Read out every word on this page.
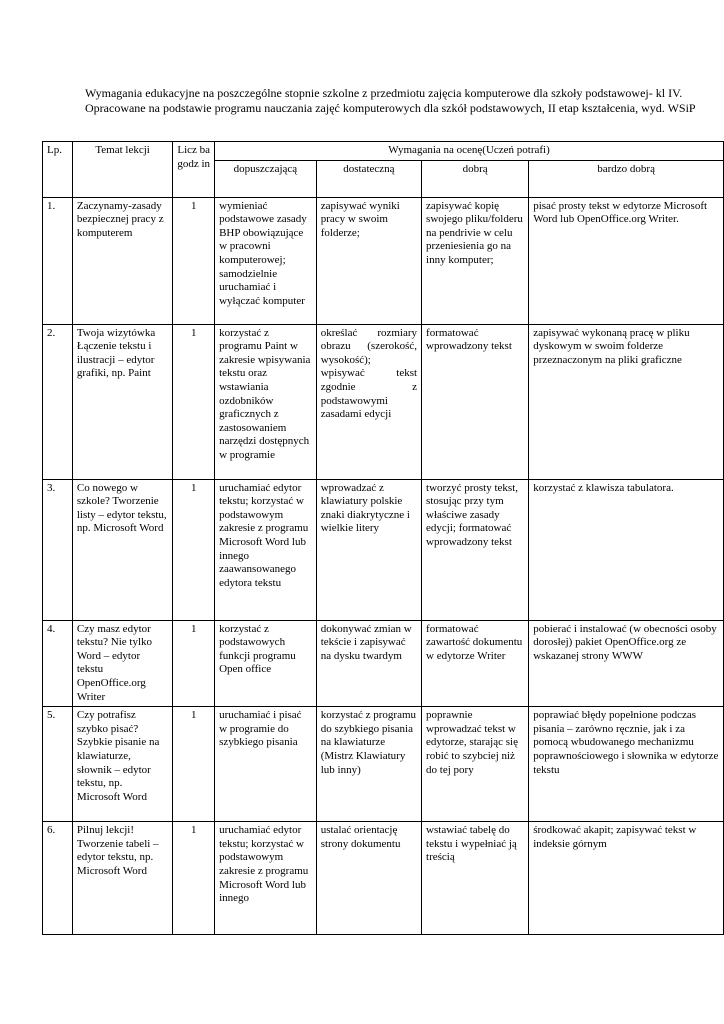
Wymagania edukacyjne na poszczególne stopnie szkolne z przedmiotu zajęcia komputerowe dla szkoły podstawowej- kl IV.

Opracowane na podstawie programu nauczania zajęć komputerowych dla szkół podstawowych, II etap kształcenia, wyd. WSiP

Lp.	Temat lekcji	Licz ba godz in	Wymagania na ocenę(Uczeń potrafi)			
			dopuszczającą	dostateczną	dobrą	bardzo dobrą
1.	Zaczynamy-zasady bezpiecznej pracy z komputerem	1	wymieniać podstawowe zasady BHP obowiązujące w pracowni komputerowej; samodzielnie uruchamiać i wyłączać komputer	zapisywać wyniki pracy w swoim folderze;	zapisywać kopię swojego pliku/folderu na pendrivie w celu przeniesienia go na inny komputer;	pisać prosty tekst w edytorze Microsoft Word lub OpenOffice.org Writer.
2.	Twoja wizytówka Łączenie tekstu i ilustracji – edytor grafiki, np. Paint	1	korzystać z programu Paint w zakresie wpisywania tekstu oraz wstawiania ozdobników graficznych z zastosowaniem narzędzi dostępnych w programie	określać rozmiary obrazu (szerokość, wysokość); wpisywać tekst zgodnie z podstawowymi zasadami edycji	formatować wprowadzony tekst	zapisywać wykonaną pracę w pliku dyskowym w swoim folderze przeznaczonym na pliki graficzne
3.	Co nowego w szkole? Tworzenie listy – edytor tekstu, np. Microsoft Word	1	uruchamiać edytor tekstu; korzystać w podstawowym zakresie z programu Microsoft Word lub innego zaawansowanego edytora tekstu	wprowadzać z klawiatury polskie znaki diakrytyczne i wielkie litery	tworzyć prosty tekst, stosując przy tym właściwe zasady edycji; formatować wprowadzony tekst	korzystać z klawisza tabulatora.
4.	Czy masz edytor tekstu? Nie tylko Word – edytor tekstu OpenOffice.org Writer	1	korzystać z podstawowych funkcji programu Open office	dokonywać zmian w tekście i zapisywać na dysku twardym	formatować zawartość dokumentu w edytorze Writer	pobierać i instalować (w obecności osoby dorosłej) pakiet OpenOffice.org ze wskazanej strony WWW
5.	Czy potrafisz szybko pisać? Szybkie pisanie na klawiaturze, słownik – edytor tekstu, np. Microsoft Word	1	uruchamiać i pisać w programie do szybkiego pisania	korzystać z programu do szybkiego pisania na klawiaturze (Mistrz Klawiatury lub inny)	poprawnie wprowadzać tekst w edytorze, starając się robić to szybciej niż do tej pory	poprawiać błędy popełnione podczas pisania – zarówno ręcznie, jak i za pomocą wbudowanego mechanizmu poprawnościowego i słownika w edytorze tekstu
6.	Pilnuj lekcji! Tworzenie tabeli – edytor tekstu, np. Microsoft Word	1	uruchamiać edytor tekstu; korzystać w podstawowym zakresie z programu Microsoft Word lub innego	ustalać orientację strony dokumentu	wstawiać tabelę do tekstu i wypełniać ją treścią	środkować akapit; zapisywać tekst w indeksie górnym
